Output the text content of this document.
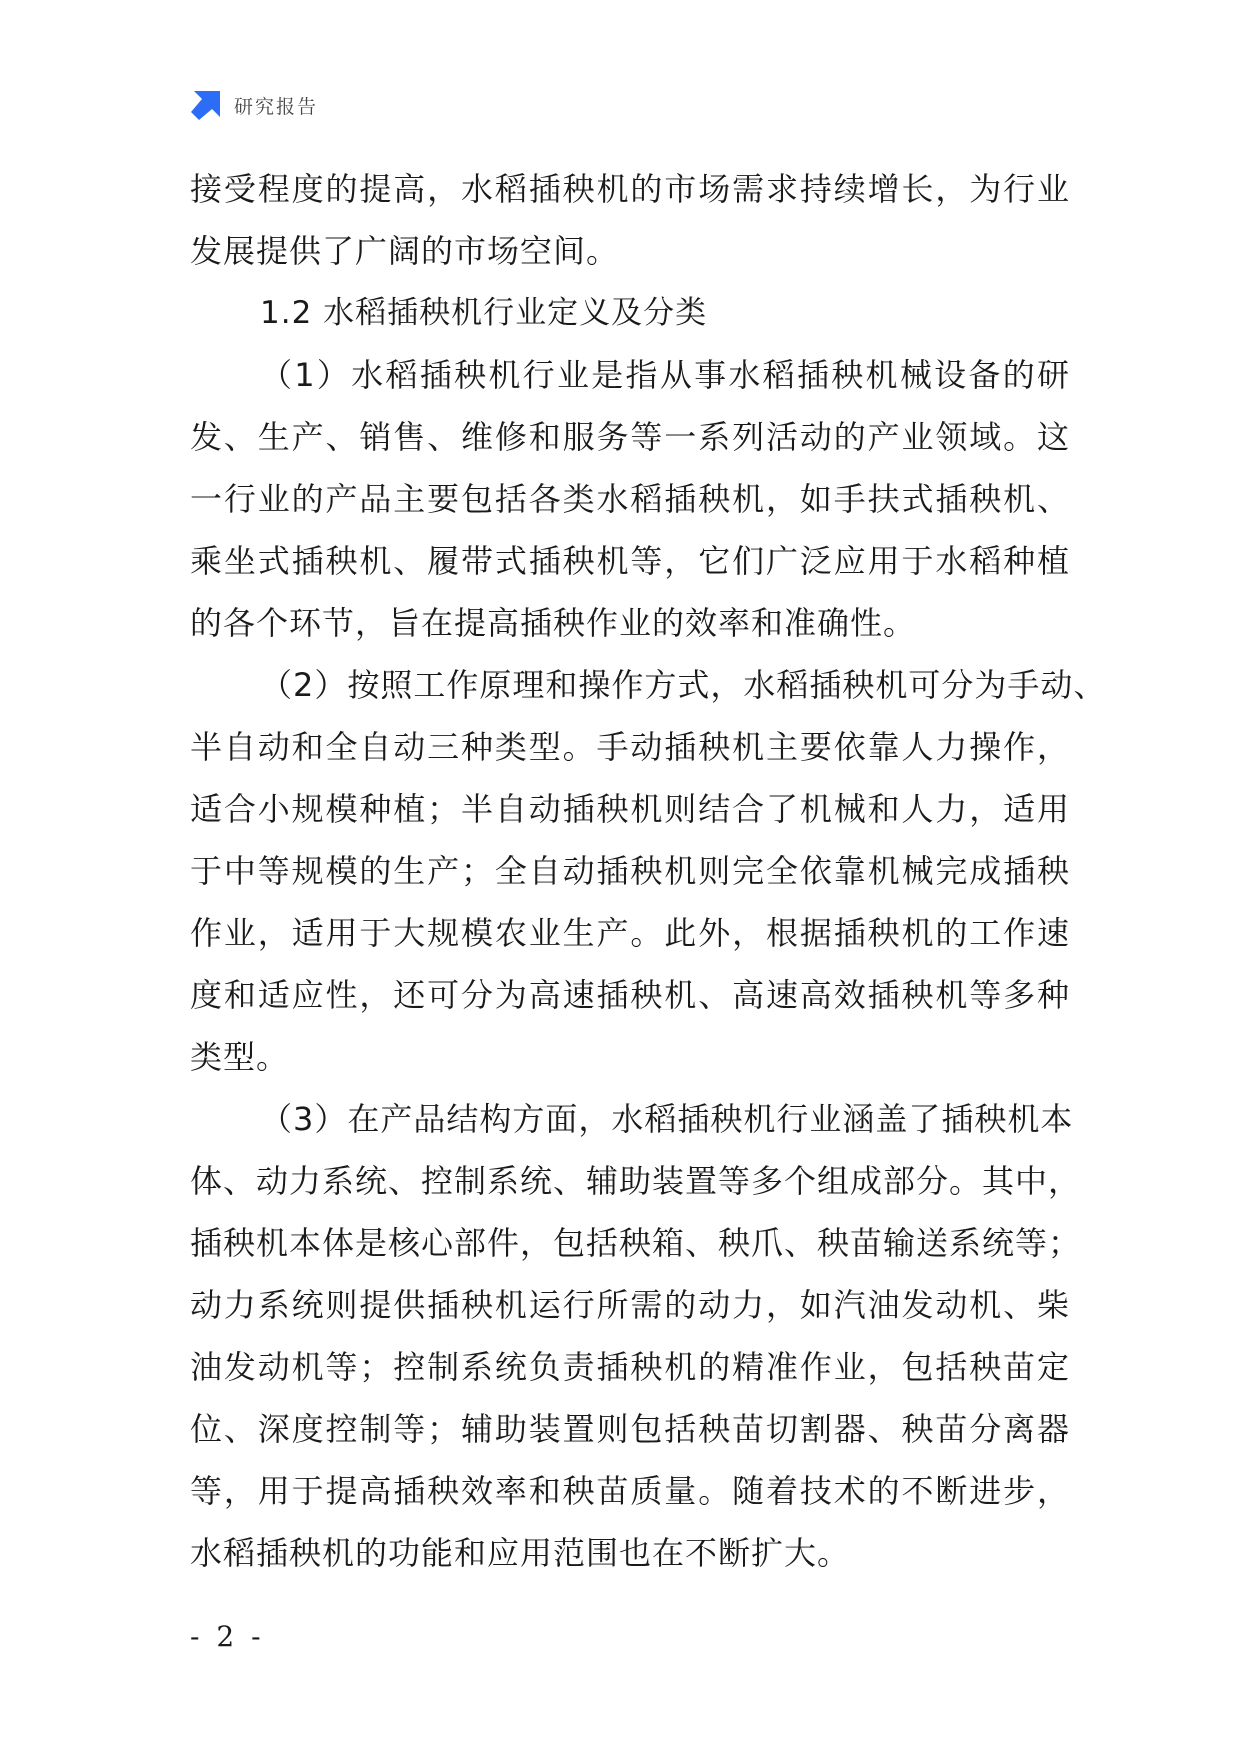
研究报告
接受程度的提高，水稻插秧机的市场需求持续增长，为行业
发展提供了广阔的市场空间。
1.2 水稻插秧机行业定义及分类
（1）水稻插秧机行业是指从事水稻插秧机械设备的研
发、生产、销售、维修和服务等一系列活动的产业领域。这
一行业的产品主要包括各类水稻插秧机，如手扶式插秧机、
乘坐式插秧机、履带式插秧机等，它们广泛应用于水稻种植
的各个环节，旨在提高插秧作业的效率和准确性。
（2）按照工作原理和操作方式，水稻插秧机可分为手动、
半自动和全自动三种类型。手动插秧机主要依靠人力操作，
适合小规模种植；半自动插秧机则结合了机械和人力，适用
于中等规模的生产；全自动插秧机则完全依靠机械完成插秧
作业，适用于大规模农业生产。此外，根据插秧机的工作速
度和适应性，还可分为高速插秧机、高速高效插秧机等多种
类型。
（3）在产品结构方面，水稻插秧机行业涵盖了插秧机本
体、动力系统、控制系统、辅助装置等多个组成部分。其中，
插秧机本体是核心部件，包括秧箱、秧爪、秧苗输送系统等；
动力系统则提供插秧机运行所需的动力，如汽油发动机、柴
油发动机等；控制系统负责插秧机的精准作业，包括秧苗定
位、深度控制等；辅助装置则包括秧苗切割器、秧苗分离器
等，用于提高插秧效率和秧苗质量。随着技术的不断进步，
水稻插秧机的功能和应用范围也在不断扩大。
- 2 -
